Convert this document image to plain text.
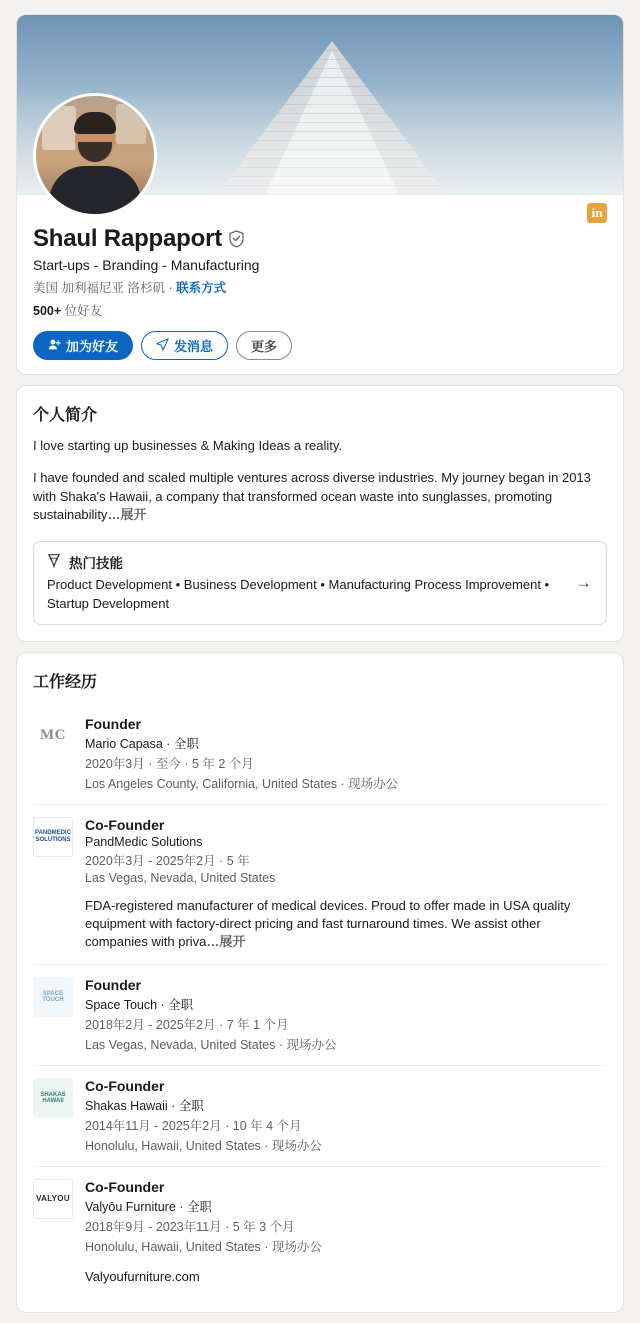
in
Shaul Rappaport
Start-ups - Branding - Manufacturing
美国 加利福尼亚 洛杉矶 · 联系方式
500+ 位好友
加为好友	发消息	更多
个人简介
I love starting up businesses & Making Ideas a reality.
I have founded and scaled multiple ventures across diverse industries. My journey began in 2013 with Shaka's Hawaii, a company that transformed ocean waste into sunglasses, promoting sustainability…展开
热门技能
Product Development • Business Development • Manufacturing Process Improvement • Startup Development
→
工作经历
MC
Founder
Mario Capasa · 全职
2020年3月 · 至今 · 5 年 2 个月
Los Angeles County, California, United States · 现场办公
PANDMEDIC SOLUTIONS
Co-Founder
PandMedic Solutions
2020年3月 - 2025年2月 · 5 年
Las Vegas, Nevada, United States
FDA-registered manufacturer of medical devices. Proud to offer made in USA quality equipment with factory-direct pricing and fast turnaround times. We assist other companies with priva…展开
SPACE TOUCH
Founder
Space Touch · 全职
2018年2月 - 2025年2月 · 7 年 1 个月
Las Vegas, Nevada, United States · 现场办公
SHAKAS HAWAII
Co-Founder
Shakas Hawaii · 全职
2014年11月 - 2025年2月 · 10 年 4 个月
Honolulu, Hawaii, United States · 现场办公
VALYOU
Co-Founder
Valyōu Furniture · 全职
2018年9月 - 2023年11月 · 5 年 3 个月
Honolulu, Hawaii, United States · 现场办公
Valyoufurniture.com
